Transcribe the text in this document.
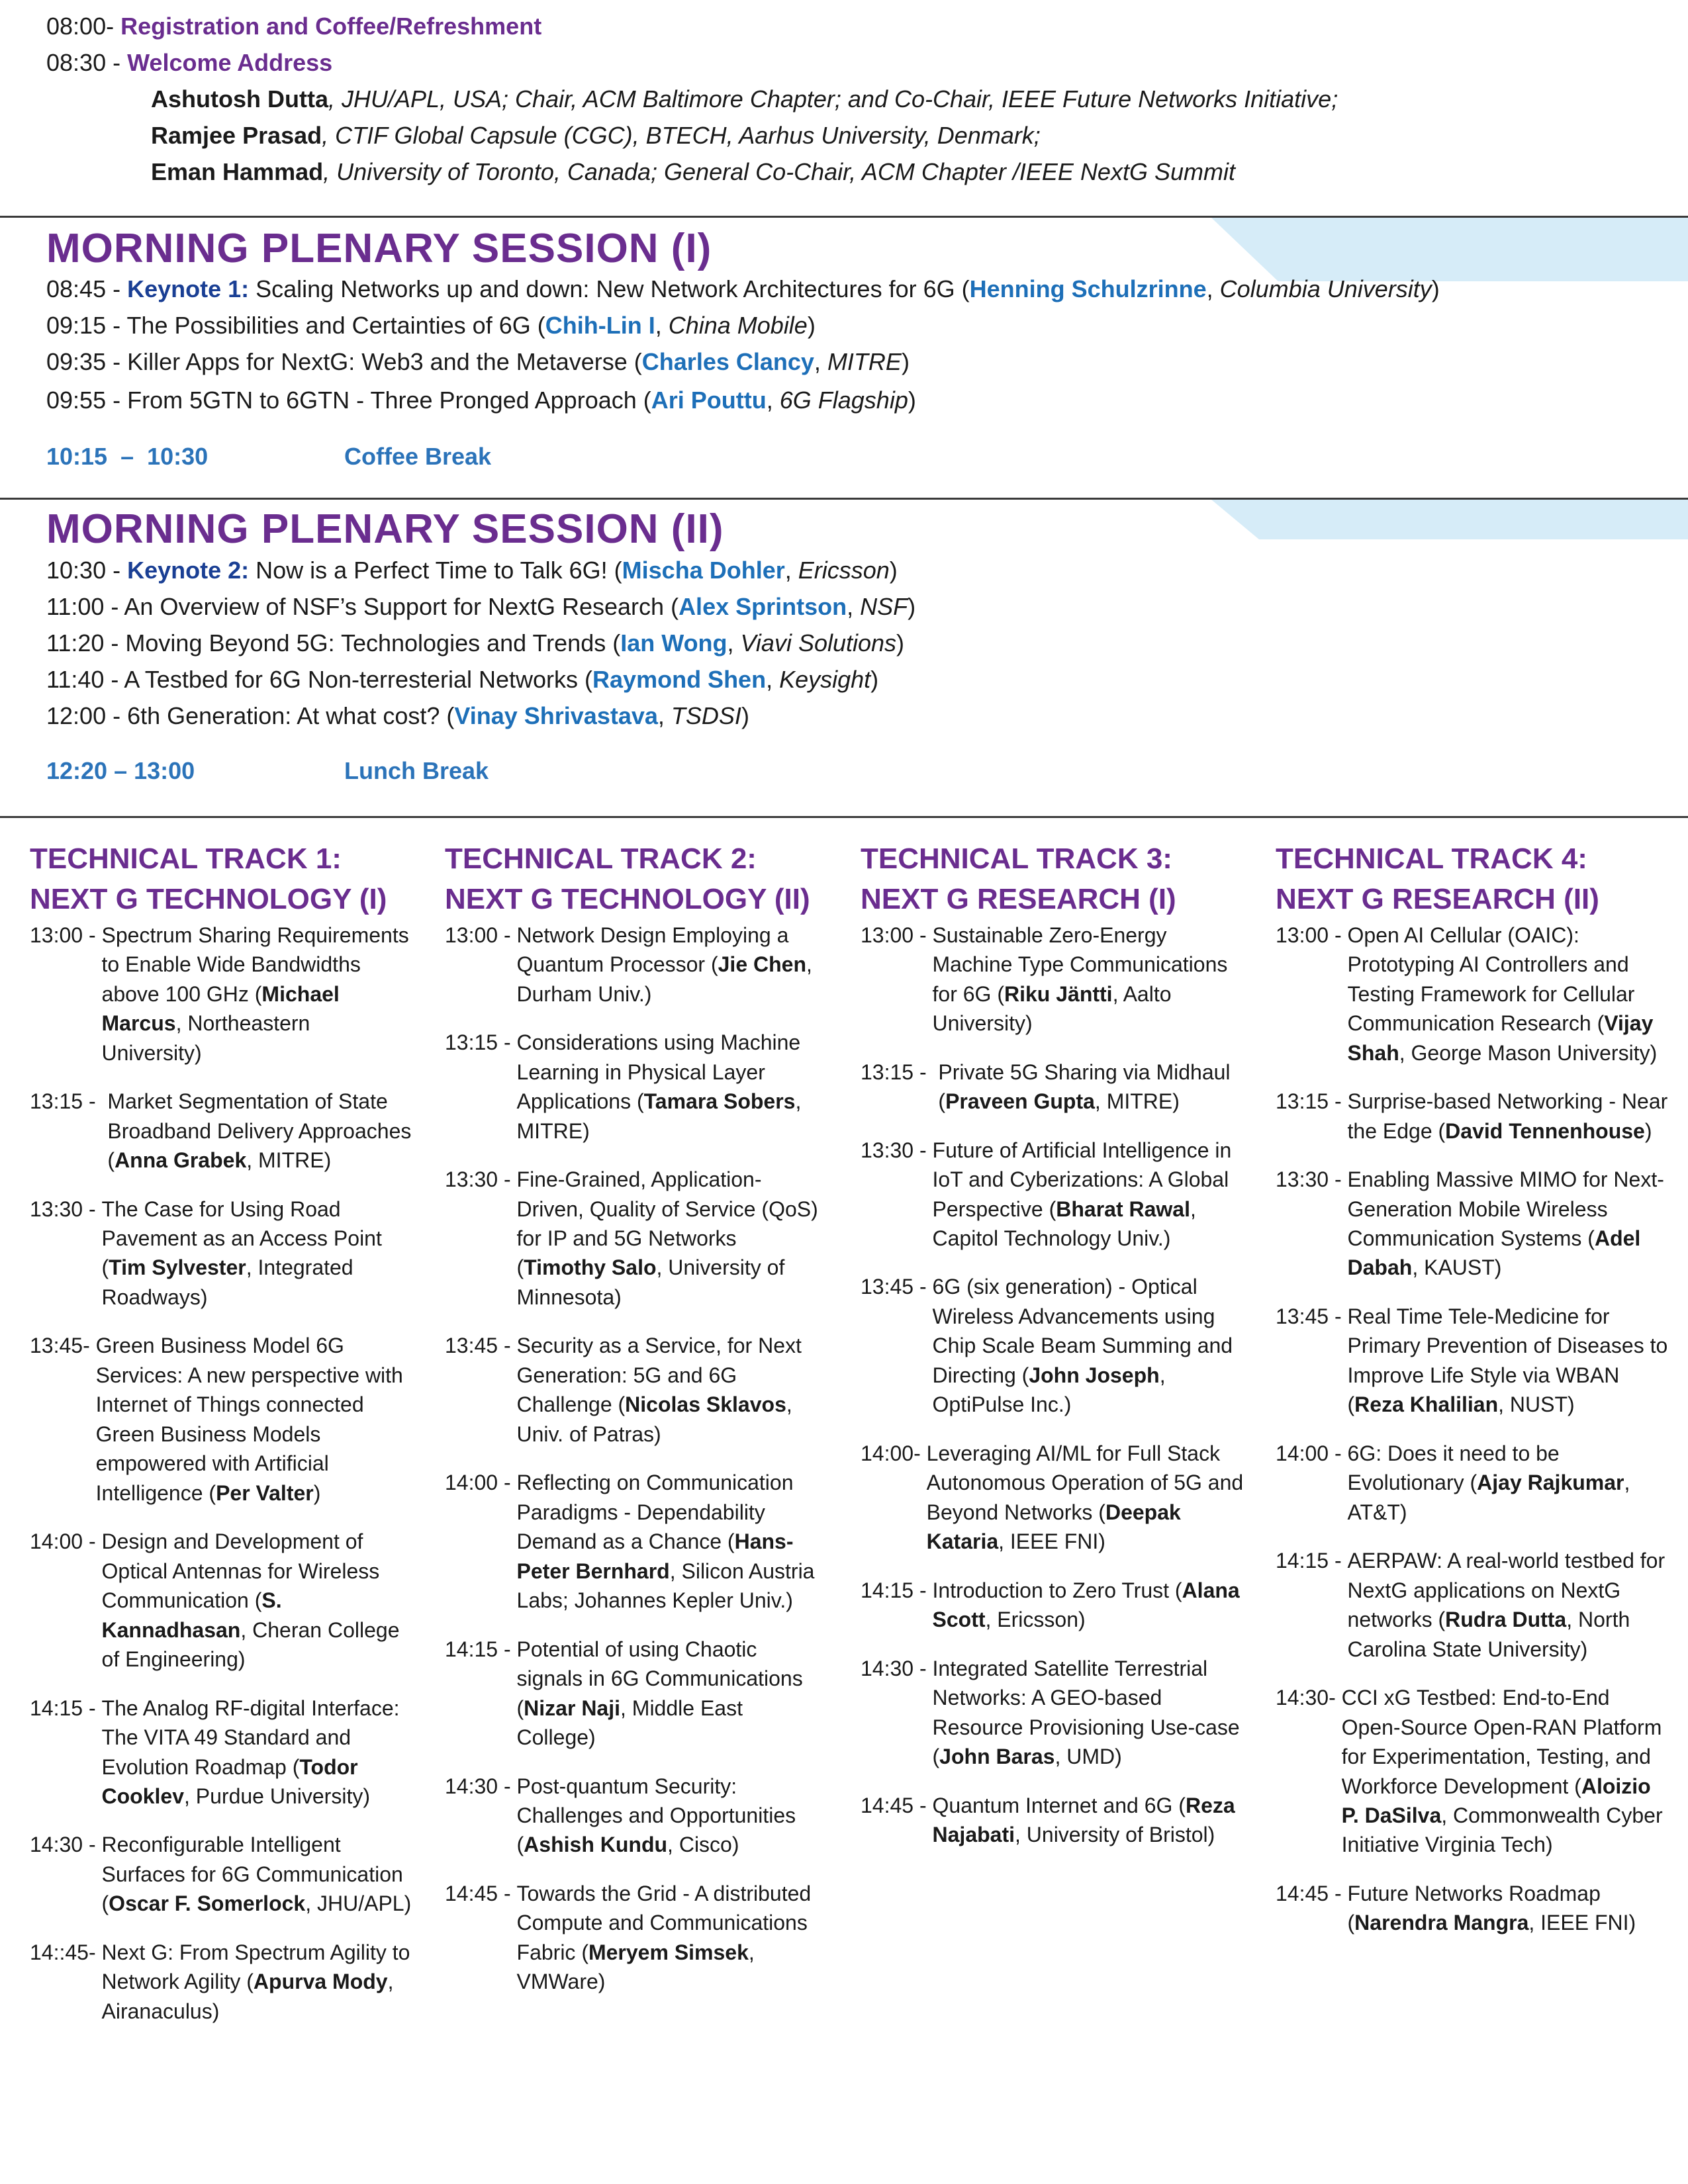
08:00- Registration and Coffee/Refreshment
08:30 - Welcome Address
Ashutosh Dutta, JHU/APL, USA; Chair, ACM Baltimore Chapter; and Co-Chair, IEEE Future Networks Initiative;
Ramjee Prasad, CTIF Global Capsule (CGC), BTECH, Aarhus University, Denmark;
Eman Hammad, University of Toronto, Canada; General Co-Chair, ACM Chapter /IEEE NextG Summit
MORNING PLENARY SESSION (I)
08:45 - Keynote 1: Scaling Networks up and down: New Network Architectures for 6G (Henning Schulzrinne, Columbia University)
09:15 - The Possibilities and Certainties of 6G (Chih-Lin I, China Mobile)
09:35 - Killer Apps for NextG: Web3 and the Metaverse (Charles Clancy, MITRE)
09:55 - From 5GTN to 6GTN - Three Pronged Approach (Ari Pouttu, 6G Flagship)
10:15  –  10:30	Coffee Break
MORNING PLENARY SESSION (II)
10:30 - Keynote 2: Now is a Perfect Time to Talk 6G! (Mischa Dohler, Ericsson)
11:00 - An Overview of NSF’s Support for NextG Research (Alex Sprintson, NSF)
11:20 - Moving Beyond 5G: Technologies and Trends (Ian Wong, Viavi Solutions)
11:40 - A Testbed for 6G Non-terresterial Networks (Raymond Shen, Keysight)
12:00 - 6th Generation: At what cost? (Vinay Shrivastava, TSDSI)
12:20 – 13:00	Lunch Break
TECHNICAL TRACK 1:
NEXT G TECHNOLOGY (I)
13:00 - Spectrum Sharing Requirements to Enable Wide Bandwidths above 100 GHz (Michael Marcus, Northeastern University)
13:15 - Market Segmentation of State Broadband Delivery Approaches (Anna Grabek, MITRE)
13:30 - The Case for Using Road Pavement as an Access Point (Tim Sylvester, Integrated Roadways)
13:45- Green Business Model 6G Services: A new perspective with Internet of Things connected Green Business Models empowered with Artificial Intelligence (Per Valter)
14:00 - Design and Development of Optical Antennas for Wireless Communication (S. Kannadhasan, Cheran College of Engineering)
14:15 - The Analog RF-digital Interface: The VITA 49 Standard and Evolution Roadmap (Todor Cooklev, Purdue University)
14:30 - Reconfigurable Intelligent Surfaces for 6G Communication (Oscar F. Somerlock, JHU/APL)
14::45- Next G: From Spectrum Agility to Network Agility (Apurva Mody, Airanaculus)
TECHNICAL TRACK 2:
NEXT G TECHNOLOGY (II)
13:00 - Network Design Employing a Quantum Processor (Jie Chen, Durham Univ.)
13:15 - Considerations using Machine Learning in Physical Layer Applications (Tamara Sobers, MITRE)
13:30 - Fine-Grained, Application-Driven, Quality of Service (QoS) for IP and 5G Networks (Timothy Salo, University of Minnesota)
13:45 - Security as a Service, for Next Generation: 5G and 6G Challenge (Nicolas Sklavos, Univ. of Patras)
14:00 - Reflecting on Communication Paradigms - Dependability Demand as a Chance (Hans-Peter Bernhard, Silicon Austria Labs; Johannes Kepler Univ.)
14:15 - Potential of using Chaotic signals in 6G Communications (Nizar Naji, Middle East College)
14:30 - Post-quantum Security: Challenges and Opportunities (Ashish Kundu, Cisco)
14:45 - Towards the Grid - A distributed Compute and Communications Fabric (Meryem Simsek, VMWare)
TECHNICAL TRACK 3:
NEXT G RESEARCH (I)
13:00 - Sustainable Zero-Energy Machine Type Communications for 6G (Riku Jäntti, Aalto University)
13:15 - Private 5G Sharing via Midhaul (Praveen Gupta, MITRE)
13:30 - Future of Artificial Intelligence in IoT and Cyberizations: A Global Perspective (Bharat Rawal, Capitol Technology Univ.)
13:45 - 6G (six generation) - Optical Wireless Advancements using Chip Scale Beam Summing and Directing (John Joseph, OptiPulse Inc.)
14:00- Leveraging AI/ML for Full Stack Autonomous Operation of 5G and Beyond Networks (Deepak Kataria, IEEE FNI)
14:15 - Introduction to Zero Trust (Alana Scott, Ericsson)
14:30 - Integrated Satellite Terrestrial Networks: A GEO-based Resource Provisioning Use-case (John Baras, UMD)
14:45 - Quantum Internet and 6G (Reza Najabati, University of Bristol)
TECHNICAL TRACK 4:
NEXT G RESEARCH (II)
13:00 - Open AI Cellular (OAIC): Prototyping AI Controllers and Testing Framework for Cellular Communication Research (Vijay Shah, George Mason University)
13:15 - Surprise-based Networking - Near the Edge (David Tennenhouse)
13:30 - Enabling Massive MIMO for Next-Generation Mobile Wireless Communication Systems (Adel Dabah, KAUST)
13:45 - Real Time Tele-Medicine for Primary Prevention of Diseases to Improve Life Style via WBAN (Reza Khalilian, NUST)
14:00 - 6G: Does it need to be Evolutionary (Ajay Rajkumar, AT&T)
14:15 - AERPAW: A real-world testbed for NextG applications on NextG networks (Rudra Dutta, North Carolina State University)
14:30- CCI xG Testbed: End-to-End Open-Source Open-RAN Platform for Experimentation, Testing, and Workforce Development (Aloizio P. DaSilva, Commonwealth Cyber Initiative Virginia Tech)
14:45 - Future Networks Roadmap (Narendra Mangra, IEEE FNI)
